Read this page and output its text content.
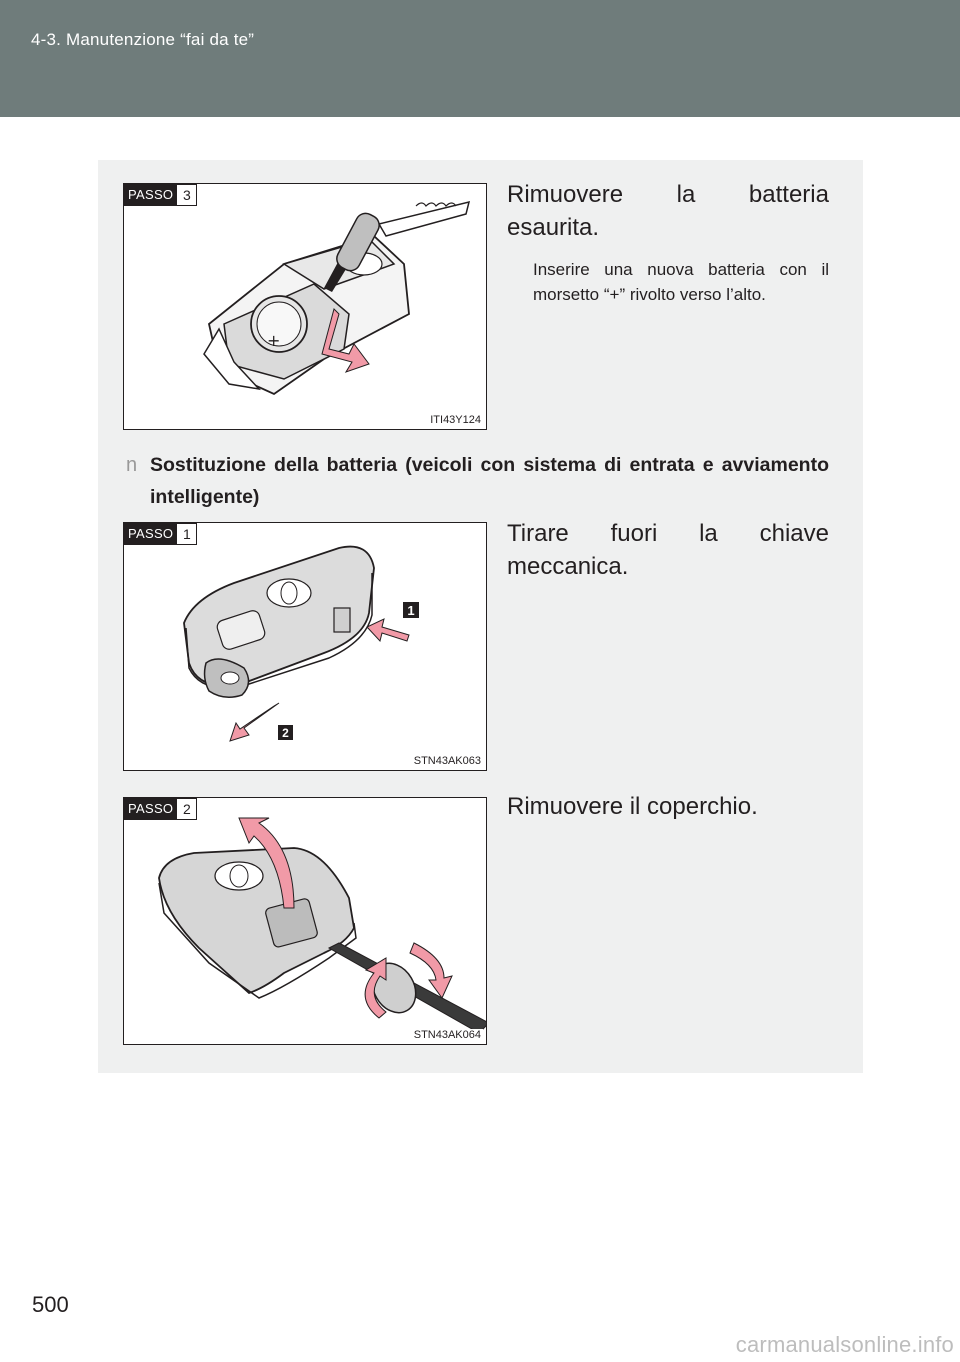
4-3. Manutenzione “fai da te”
+
PASSO 3
ITI43Y124
Rimuovere la batteria
esaurita.
Inserire una nuova batteria con il morsetto “+” rivolto verso l’alto.
n Sostituzione della batteria (veicoli con sistema di entrata e avviamento intelligente)
1
2
PASSO 1
STN43AK063
Tirare fuori la chiave
meccanica.
PASSO 2
STN43AK064
Rimuovere il coperchio.
500
carmanualsonline.info
